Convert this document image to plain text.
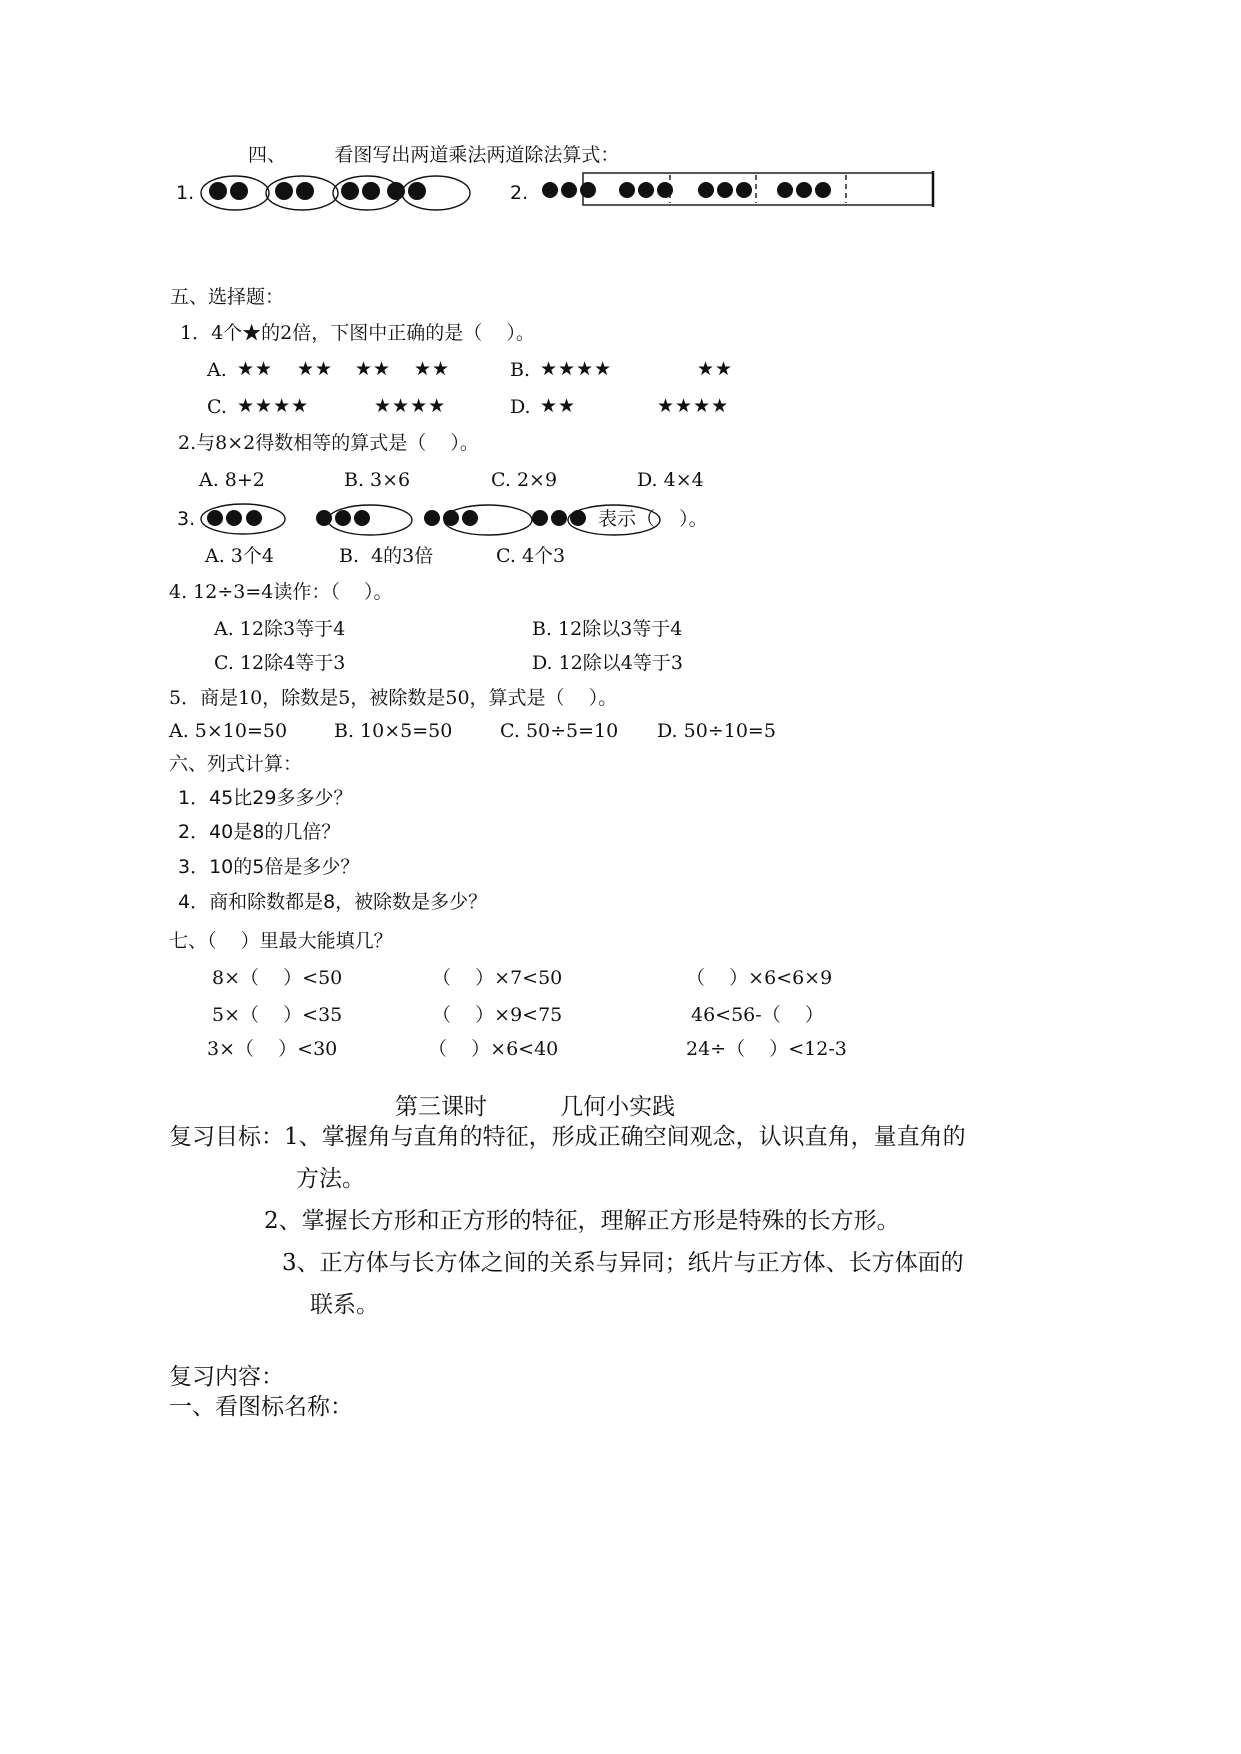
四、        看图写出两道乘法两道除法算式：
1.	2.
五、选择题：
1．4个★的2倍，下图中正确的是（    ）。
A. ★★ ★★ ★★ ★★	B. ★★★★	★★
C. ★★★★	★★★★	D. ★★	★★★★
2.与8×2得数相等的算式是（    ）。
A. 8+2	B. 3×6	C. 2×9	D. 4×4
3.	表示（    ）。
A. 3个4	B.  4的3倍	C. 4个3
4. 12÷3=4读作：（    ）。
A. 12除3等于4	B. 12除以3等于4
C. 12除4等于3	D. 12除以4等于3
5．商是10，除数是5，被除数是50，算式是（    ）。
A. 5×10=50 B. 10×5=50	C. 50÷5=10 D. 50÷10=5
六、列式计算：
1．45比29多多少？
2．40是8的几倍？
3．10的5倍是多少？
4．商和除数都是8，被除数是多少？
七、（    ）里最大能填几？
8×（    ）<50	（    ）×7<50	（    ）×6<6×9
5×（    ）<35	（    ）×9<75	46<56-（    ）
3×（    ）<30	（    ）×6<40	24÷（    ）<12-3
第三课时          几何小实践
复习目标： 1、掌握角与直角的特征，形成正确空间观念，认识直角，量直角的
方法。
2、掌握长方形和正方形的特征，理解正方形是特殊的长方形。
3、正方体与长方体之间的关系与异同；纸片与正方体、长方体面的
联系。
复习内容：
一、看图标名称：
